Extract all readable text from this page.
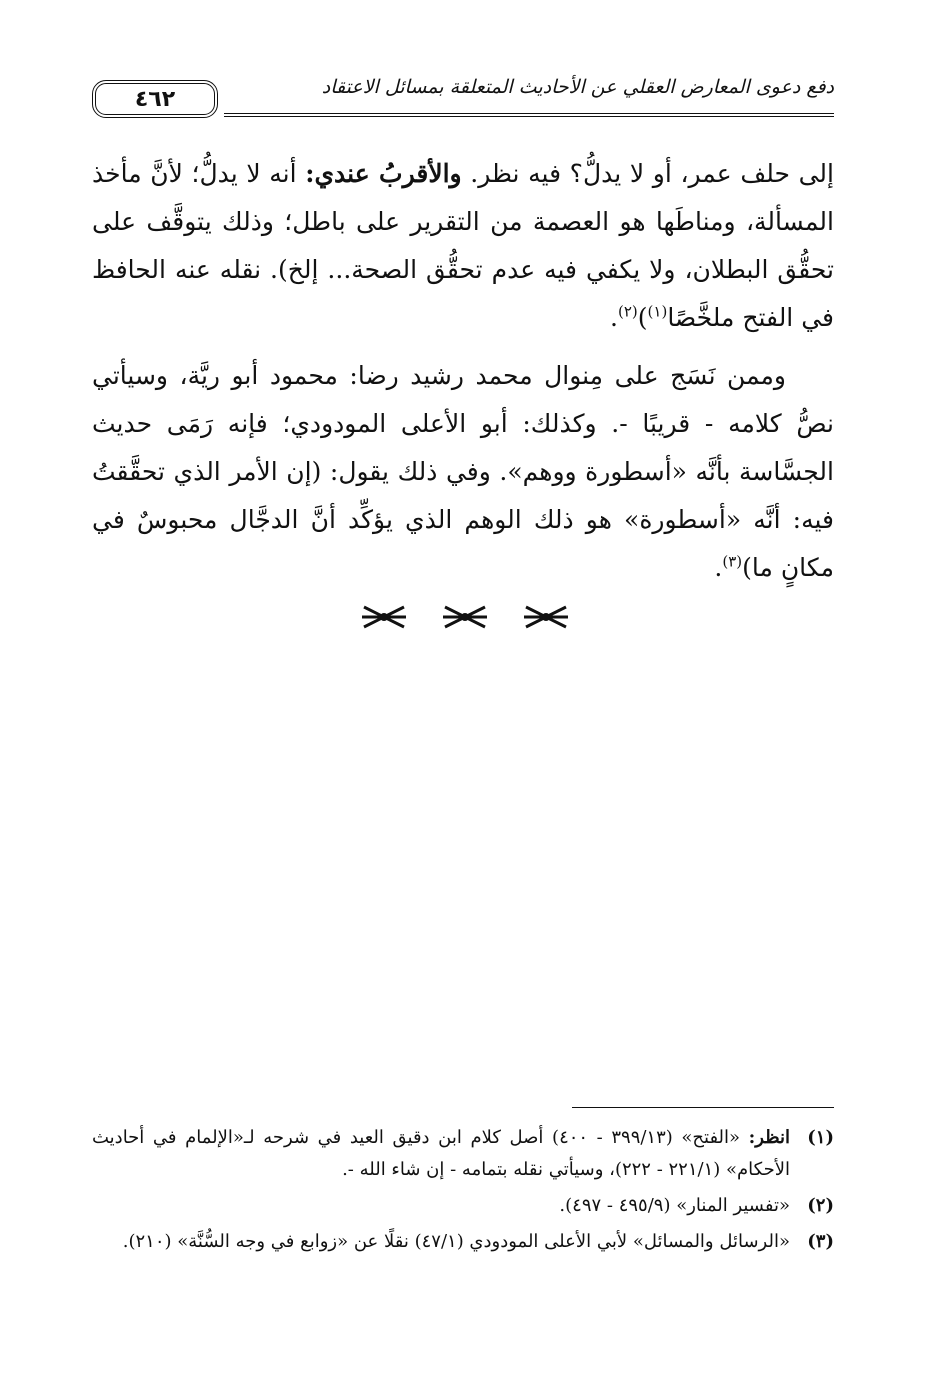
دفع دعوى المعارض العقلي عن الأحاديث المتعلقة بمسائل الاعتقاد
٤٦٢

إلى حلف عمر، أو لا يدلُّ؟ فيه نظر. والأقربُ عندي: أنه لا يدلُّ؛ لأنَّ مأخذ المسألة، ومناطَها هو العصمة من التقرير على باطل؛ وذلك يتوقَّف على تحقُّق البطلان، ولا يكفي فيه عدم تحقُّق الصحة... إلخ). نقله عنه الحافظ في الفتح ملخَّصًا$^{(١)}$)$^{(٢)}$.

وممن نَسَج على مِنوال محمد رشيد رضا: محمود أبو ريَّة، وسيأتي نصُّ كلامه - قريبًا -. وكذلك: أبو الأعلى المودودي؛ فإنه رَمَى حديث الجسَّاسة بأنَّه «أسطورة ووهم». وفي ذلك يقول: (إن الأمر الذي تحقَّقتُ فيه: أنَّه «أسطورة» هو ذلك الوهم الذي يؤكِّد أنَّ الدجَّال محبوسٌ في مكانٍ ما)$^{(٣)}$.

(١)
انظر: «الفتح» (٣٩٩/١٣ - ٤٠٠) أصل كلام ابن دقيق العيد في شرحه لـ«الإلمام في أحاديث الأحكام» (٢٢١/١ - ٢٢٢)، وسيأتي نقله بتمامه - إن شاء الله -.
(٢)
«تفسير المنار» (٤٩٥/٩ - ٤٩٧).
(٣)
«الرسائل والمسائل» لأبي الأعلى المودودي (٤٧/١) نقلًا عن «زوابع في وجه السُّنَّة» (٢١٠).
